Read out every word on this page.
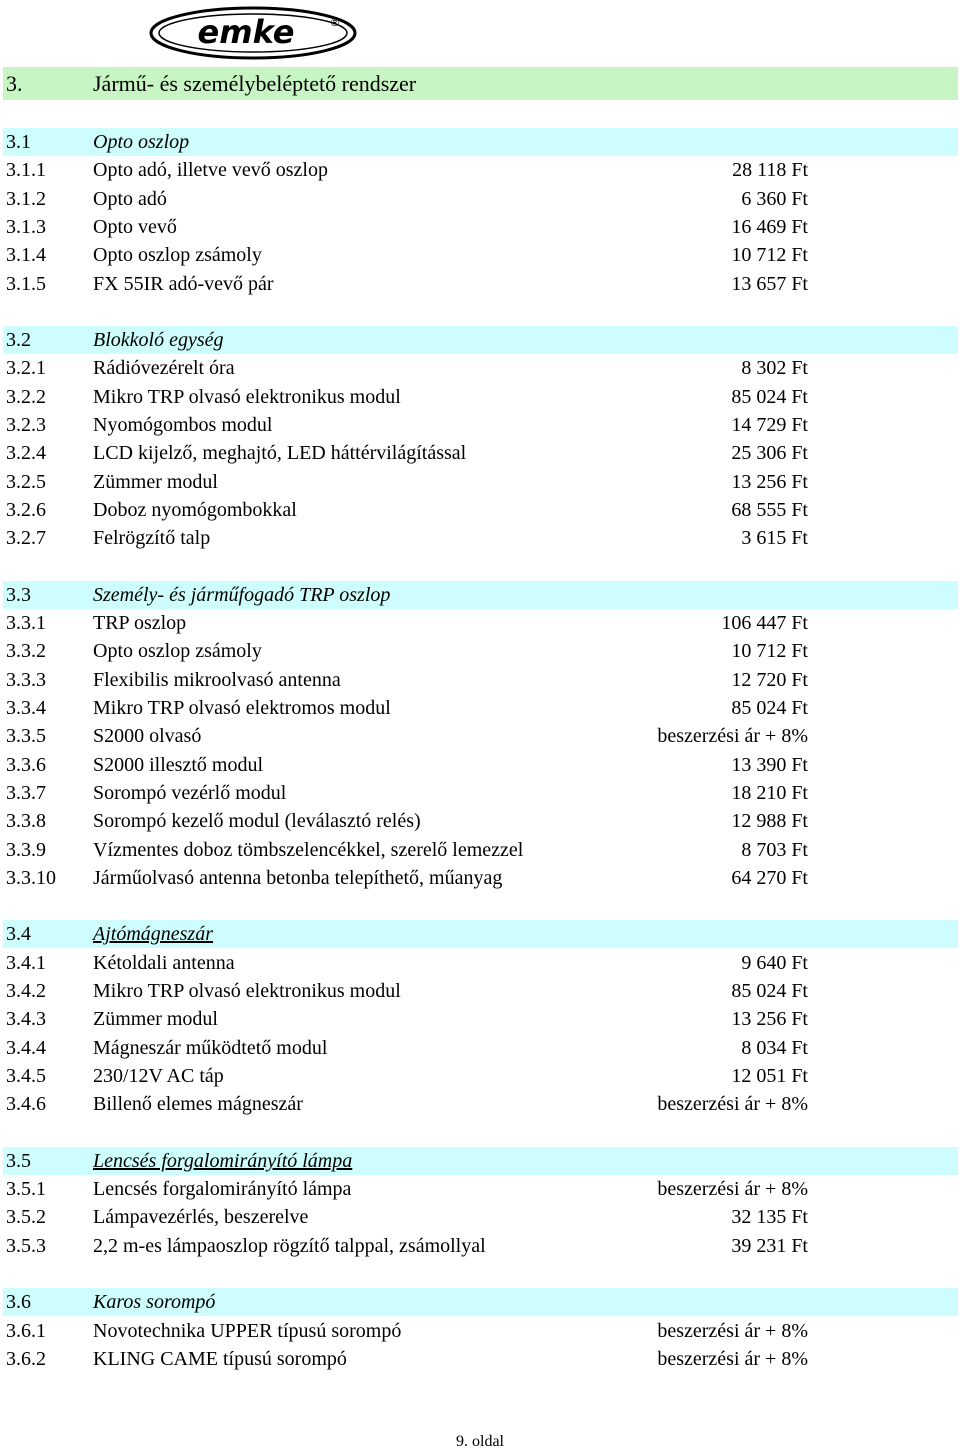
emke	®
3.	Jármű- és személybeléptető rendszer
3.1	Opto oszlop
3.1.1 Opto adó, illetve vevő oszlop	28 118 Ft
3.1.2 Opto adó	6 360 Ft
3.1.3 Opto vevő	16 469 Ft
3.1.4 Opto oszlop zsámoly	10 712 Ft
3.1.5 FX 55IR adó-vevő pár	13 657 Ft
3.2	Blokkoló egység
3.2.1 Rádióvezérelt óra	8 302 Ft
3.2.2 Mikro TRP olvasó elektronikus modul	85 024 Ft
3.2.3 Nyomógombos modul	14 729 Ft
3.2.4 LCD kijelző, meghajtó, LED háttérvilágítással	25 306 Ft
3.2.5 Zümmer modul	13 256 Ft
3.2.6 Doboz nyomógombokkal	68 555 Ft
3.2.7 Felrögzítő talp	3 615 Ft
3.3	Személy- és járműfogadó TRP oszlop
3.3.1 TRP oszlop	106 447 Ft
3.3.2 Opto oszlop zsámoly	10 712 Ft
3.3.3 Flexibilis mikroolvasó antenna	12 720 Ft
3.3.4 Mikro TRP olvasó elektromos modul	85 024 Ft
3.3.5 S2000 olvasó	beszerzési ár + 8%
3.3.6 S2000 illesztő modul	13 390 Ft
3.3.7 Sorompó vezérlő modul	18 210 Ft
3.3.8 Sorompó kezelő modul (leválasztó relés)	12 988 Ft
3.3.9 Vízmentes doboz tömbszelencékkel, szerelő lemezzel	8 703 Ft
3.3.10 Járműolvasó antenna betonba telepíthető, műanyag	64 270 Ft
3.4	Ajtómágneszár
3.4.1 Kétoldali antenna	9 640 Ft
3.4.2 Mikro TRP olvasó elektronikus modul	85 024 Ft
3.4.3 Zümmer modul	13 256 Ft
3.4.4 Mágneszár működtető modul	8 034 Ft
3.4.5 230/12V AC táp	12 051 Ft
3.4.6 Billenő elemes mágneszár	beszerzési ár + 8%
3.5	Lencsés forgalomirányító lámpa
3.5.1 Lencsés forgalomirányító lámpa	beszerzési ár + 8%
3.5.2 Lámpavezérlés, beszerelve	32 135 Ft
3.5.3 2,2 m-es lámpaoszlop rögzítő talppal, zsámollyal	39 231 Ft
3.6	Karos sorompó
3.6.1 Novotechnika UPPER típusú sorompó	beszerzési ár + 8%
3.6.2 KLING CAME típusú sorompó	beszerzési ár + 8%
9. oldal
